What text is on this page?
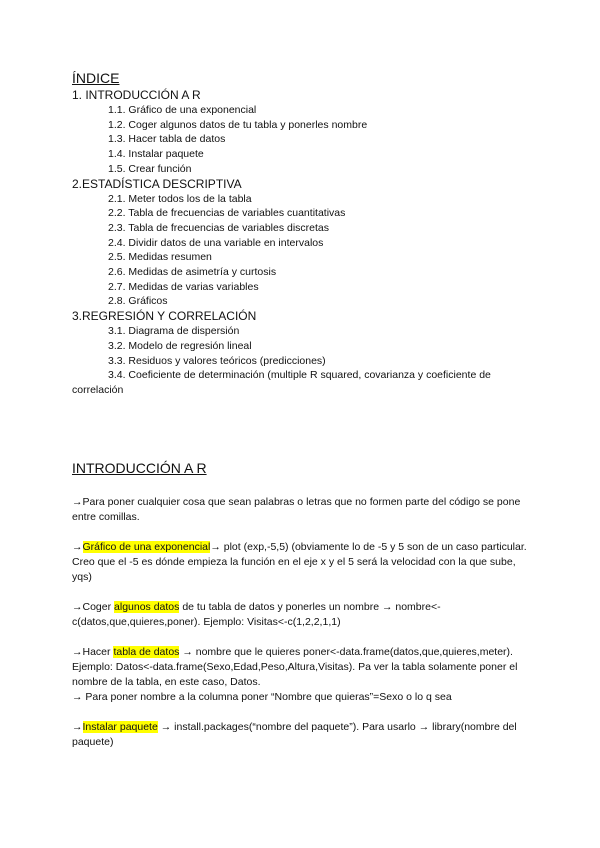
ÍNDICE

1. INTRODUCCIÓN A R

1.1. Gráfico de una exponencial

1.2. Coger algunos datos de tu tabla y ponerles nombre

1.3. Hacer tabla de datos

1.4. Instalar paquete

1.5. Crear función

2.ESTADÍSTICA DESCRIPTIVA

2.1. Meter todos los de la tabla

2.2. Tabla de frecuencias de variables cuantitativas

2.3. Tabla de frecuencias de variables discretas

2.4. Dividir datos de una variable en intervalos

2.5. Medidas resumen

2.6. Medidas de asimetría y curtosis

2.7. Medidas de varias variables

2.8. Gráficos

3.REGRESIÓN Y CORRELACIÓN

3.1. Diagrama de dispersión

3.2. Modelo de regresión lineal

3.3. Residuos y valores teóricos (predicciones)

3.4. Coeficiente de determinación (multiple R squared, covarianza y coeficiente de correlación

INTRODUCCIÓN A R

→Para poner cualquier cosa que sean palabras o letras que no formen parte del código se pone entre comillas.

→Gráfico de una exponencial→ plot (exp,-5,5) (obviamente lo de -5 y 5 son de un caso particular. Creo que el -5 es dónde empieza la función en el eje x y el 5 será la velocidad con la que sube, yqs)

→Coger algunos datos de tu tabla de datos y ponerles un nombre → nombre<-c(datos,que,quieres,poner). Ejemplo: Visitas<-c(1,2,2,1,1)

→Hacer tabla de datos → nombre que le quieres poner<-data.frame(datos,que,quieres,meter). Ejemplo: Datos<-data.frame(Sexo,Edad,Peso,Altura,Visitas). Pa ver la tabla solamente poner el nombre de la tabla, en este caso, Datos.
→ Para poner nombre a la columna poner “Nombre que quieras”=Sexo o lo q sea

→Instalar paquete → install.packages(“nombre del paquete”). Para usarlo → library(nombre del paquete)
